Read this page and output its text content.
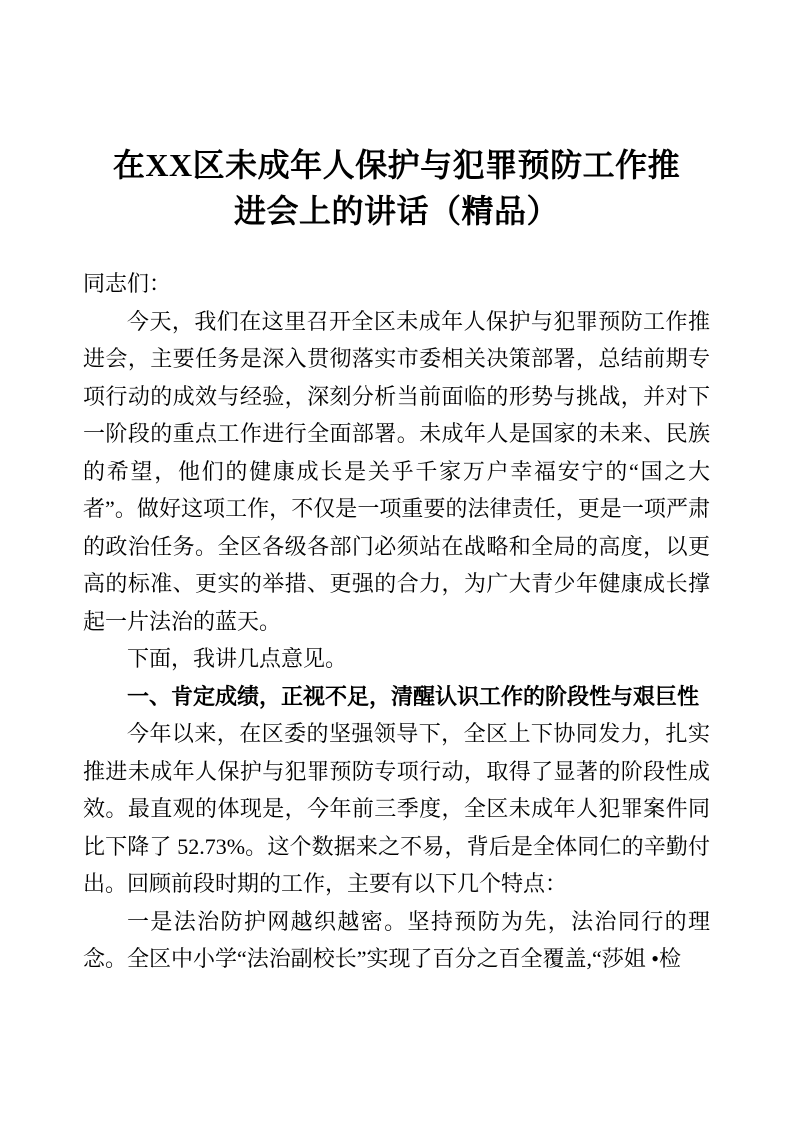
在XX区未成年人保护与犯罪预防工作推
进会上的讲话（精品）

同志们：

今天，我们在这里召开全区未成年人保护与犯罪预防工作推进会，主要任务是深入贯彻落实市委相关决策部署，总结前期专项行动的成效与经验，深刻分析当前面临的形势与挑战，并对下一阶段的重点工作进行全面部署。未成年人是国家的未来、民族的希望，他们的健康成长是关乎千家万户幸福安宁的“国之大者”。做好这项工作，不仅是一项重要的法律责任，更是一项严肃的政治任务。全区各级各部门必须站在战略和全局的高度，以更高的标准、更实的举措、更强的合力，为广大青少年健康成长撑起一片法治的蓝天。

下面，我讲几点意见。

一、肯定成绩，正视不足，清醒认识工作的阶段性与艰巨性

今年以来，在区委的坚强领导下，全区上下协同发力，扎实推进未成年人保护与犯罪预防专项行动，取得了显著的阶段性成效。最直观的体现是，今年前三季度，全区未成年人犯罪案件同比下降了 52.73%。这个数据来之不易，背后是全体同仁的辛勤付出。回顾前段时期的工作，主要有以下几个特点：

一是法治防护网越织越密。坚持预防为先，法治同行的理念。全区中小学“法治副校长”实现了百分之百全覆盖,“莎姐 •检
